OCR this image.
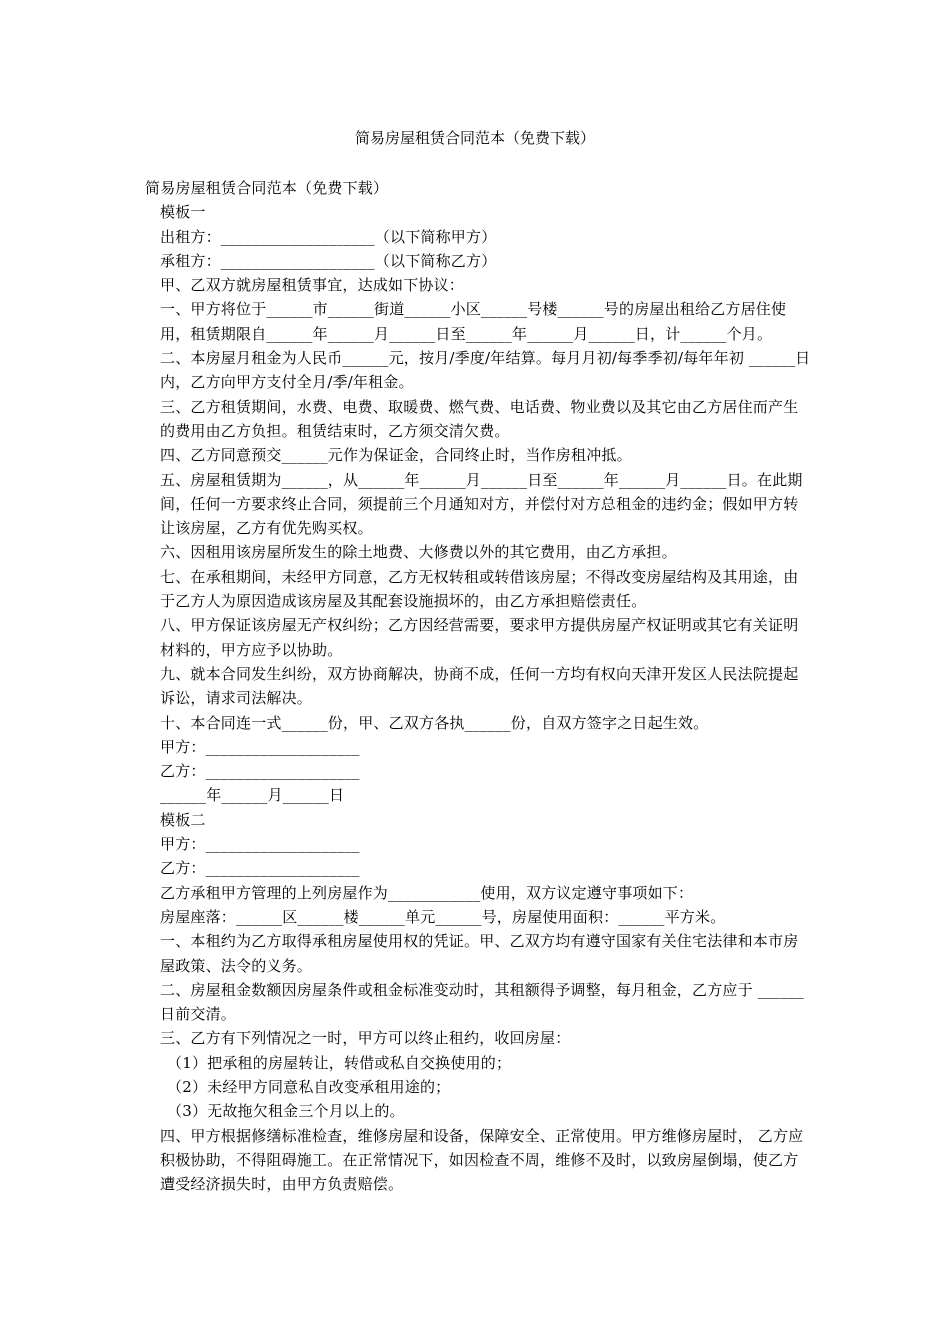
简易房屋租赁合同范本（免费下载）
简易房屋租赁合同范本（免费下载）
模板一
出租方：____________________（以下简称甲方）
承租方：____________________（以下简称乙方）
甲、乙双方就房屋租赁事宜，达成如下协议：
一、甲方将位于______市______街道______小区______号楼______号的房屋出租给乙方居住使用，租赁期限自______年______月______日至______年______月______日，计______个月。
二、本房屋月租金为人民币______元，按月/季度/年结算。每月月初/每季季初/每年年初 ______日内，乙方向甲方支付全月/季/年租金。
三、乙方租赁期间，水费、电费、取暖费、燃气费、电话费、物业费以及其它由乙方居住而产生的费用由乙方负担。租赁结束时，乙方须交清欠费。
四、乙方同意预交______元作为保证金，合同终止时，当作房租冲抵。
五、房屋租赁期为______，从______年______月______日至______年______月______日。在此期间，任何一方要求终止合同，须提前三个月通知对方，并偿付对方总租金的违约金；假如甲方转让该房屋，乙方有优先购买权。
六、因租用该房屋所发生的除土地费、大修费以外的其它费用，由乙方承担。
七、在承租期间，未经甲方同意，乙方无权转租或转借该房屋；不得改变房屋结构及其用途，由于乙方人为原因造成该房屋及其配套设施损坏的，由乙方承担赔偿责任。
八、甲方保证该房屋无产权纠纷；乙方因经营需要，要求甲方提供房屋产权证明或其它有关证明材料的，甲方应予以协助。
九、就本合同发生纠纷，双方协商解决，协商不成，任何一方均有权向天津开发区人民法院提起诉讼，请求司法解决。
十、本合同连一式______份，甲、乙双方各执______份，自双方签字之日起生效。
甲方：____________________
乙方：____________________
______年______月______日
模板二
甲方：____________________
乙方：____________________
乙方承租甲方管理的上列房屋作为____________使用，双方议定遵守事项如下：
房屋座落：______区______楼______单元______号，房屋使用面积：______平方米。
一、本租约为乙方取得承租房屋使用权的凭证。甲、乙双方均有遵守国家有关住宅法律和本市房屋政策、法令的义务。
二、房屋租金数额因房屋条件或租金标准变动时，其租额得予调整，每月租金，乙方应于 ______日前交清。
三、乙方有下列情况之一时，甲方可以终止租约，收回房屋：
（1）把承租的房屋转让，转借或私自交换使用的；
（2）未经甲方同意私自改变承租用途的；
（3）无故拖欠租金三个月以上的。
四、甲方根据修缮标准检查，维修房屋和设备，保障安全、正常使用。甲方维修房屋时， 乙方应积极协助，不得阻碍施工。在正常情况下，如因检查不周，维修不及时，以致房屋倒塌，使乙方遭受经济损失时，由甲方负责赔偿。
